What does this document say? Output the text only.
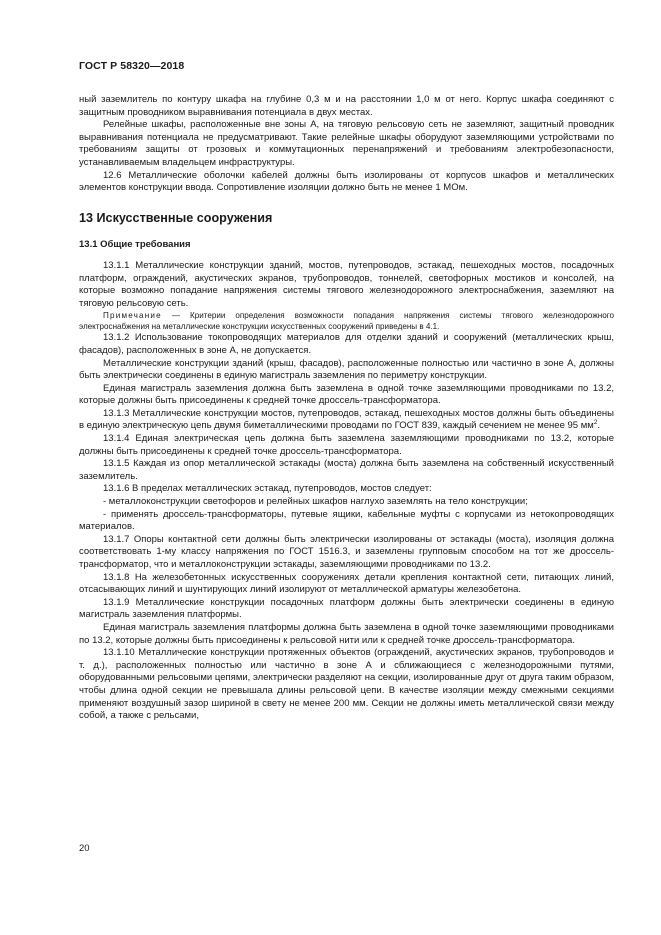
ГОСТ Р 58320—2018

ный заземлитель по контуру шкафа на глубине 0,3 м и на расстоянии 1,0 м от него. Корпус шкафа соединяют с защитным проводником выравнивания потенциала в двух местах.

Релейные шкафы, расположенные вне зоны А, на тяговую рельсовую сеть не заземляют, защитный проводник выравнивания потенциала не предусматривают. Такие релейные шкафы оборудуют заземляющими устройствами по требованиям защиты от грозовых и коммутационных перенапряжений и требованиям электробезопасности, устанавливаемым владельцем инфраструктуры.

12.6 Металлические оболочки кабелей должны быть изолированы от корпусов шкафов и металлических элементов конструкции ввода. Сопротивление изоляции должно быть не менее 1 МОм.

13 Искусственные сооружения
13.1 Общие требования

13.1.1 Металлические конструкции зданий, мостов, путепроводов, эстакад, пешеходных мостов, посадочных платформ, ограждений, акустических экранов, трубопроводов, тоннелей, светофорных мостиков и консолей, на которые возможно попадание напряжения системы тягового железнодорожного электроснабжения, заземляют на тяговую рельсовую сеть.

Примечание — Критерии определения возможности попадания напряжения системы тягового железнодорожного электроснабжения на металлические конструкции искусственных сооружений приведены в 4.1.

13.1.2 Использование токопроводящих материалов для отделки зданий и сооружений (металлических крыш, фасадов), расположенных в зоне А, не допускается.

Металлические конструкции зданий (крыш, фасадов), расположенные полностью или частично в зоне А, должны быть электрически соединены в единую магистраль заземления по периметру конструкции.

Единая магистраль заземления должна быть заземлена в одной точке заземляющими проводниками по 13.2, которые должны быть присоединены к средней точке дроссель-трансформатора.

13.1.3 Металлические конструкции мостов, путепроводов, эстакад, пешеходных мостов должны быть объединены в единую электрическую цепь двумя биметаллическими проводами по ГОСТ 839, каждый сечением не менее 95 $мм^2$.

13.1.4 Единая электрическая цепь должна быть заземлена заземляющими проводниками по 13.2, которые должны быть присоединены к средней точке дроссель-трансформатора.

13.1.5 Каждая из опор металлической эстакады (моста) должна быть заземлена на собственный искусственный заземлитель.

13.1.6 В пределах металлических эстакад, путепроводов, мостов следует:

- металлоконструкции светофоров и релейных шкафов наглухо заземлять на тело конструкции;

- применять дроссель-трансформаторы, путевые ящики, кабельные муфты с корпусами из нетокопроводящих материалов.

13.1.7 Опоры контактной сети должны быть электрически изолированы от эстакады (моста), изоляция должна соответствовать 1-му классу напряжения по ГОСТ 1516.3, и заземлены групповым способом на тот же дроссель-трансформатор, что и металлоконструкции эстакады, заземляющими проводниками по 13.2.

13.1.8 На железобетонных искусственных сооружениях детали крепления контактной сети, питающих линий, отсасывающих линий и шунтирующих линий изолируют от металлической арматуры железобетона.

13.1.9 Металлические конструкции посадочных платформ должны быть электрически соединены в единую магистраль заземления платформы.

Единая магистраль заземления платформы должна быть заземлена в одной точке заземляющими проводниками по 13.2, которые должны быть присоединены к рельсовой нити или к средней точке дроссель-трансформатора.

13.1.10 Металлические конструкции протяженных объектов (ограждений, акустических экранов, трубопроводов и т. д.), расположенных полностью или частично в зоне А и сближающиеся с железнодорожными путями, оборудованными рельсовыми цепями, электрически разделяют на секции, изолированные друг от друга таким образом, чтобы длина одной секции не превышала длины рельсовой цепи. В качестве изоляции между смежными секциями применяют воздушный зазор шириной в свету не менее 200 мм. Секции не должны иметь металлической связи между собой, а также с рельсами,

20
